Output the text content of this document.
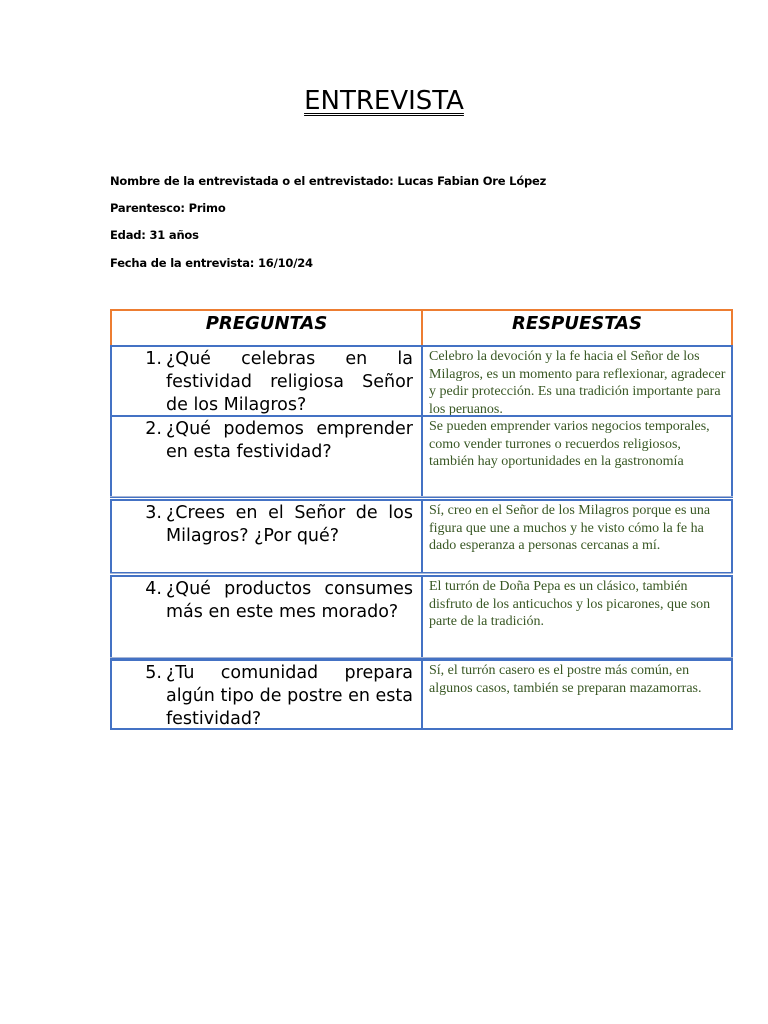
ENTREVISTA
Nombre de la entrevistada o el entrevistado: Lucas Fabian Ore López
Parentesco: Primo
Edad: 31 años
Fecha de la entrevista: 16/10/24
PREGUNTAS	RESPUESTAS
1. ¿Qué celebras en la festividad religiosa Señor de los Milagros?
Celebro la devoción y la fe hacia el Señor de los Milagros, es un momento para reflexionar, agradecer y pedir protección. Es una tradición importante para los peruanos.
2. ¿Qué podemos emprender en esta festividad?
Se pueden emprender varios negocios temporales, como vender turrones o recuerdos religiosos, también hay oportunidades en la gastronomía
3. ¿Crees en el Señor de los Milagros? ¿Por qué?
Sí, creo en el Señor de los Milagros porque es una figura que une a muchos y he visto cómo la fe ha dado esperanza a personas cercanas a mí.
4. ¿Qué productos consumes más en este mes morado?
El turrón de Doña Pepa es un clásico, también disfruto de los anticuchos y los picarones, que son parte de la tradición.
5. ¿Tu comunidad prepara algún tipo de postre en esta festividad?
Sí, el turrón casero es el postre más común, en algunos casos, también se preparan mazamorras.
